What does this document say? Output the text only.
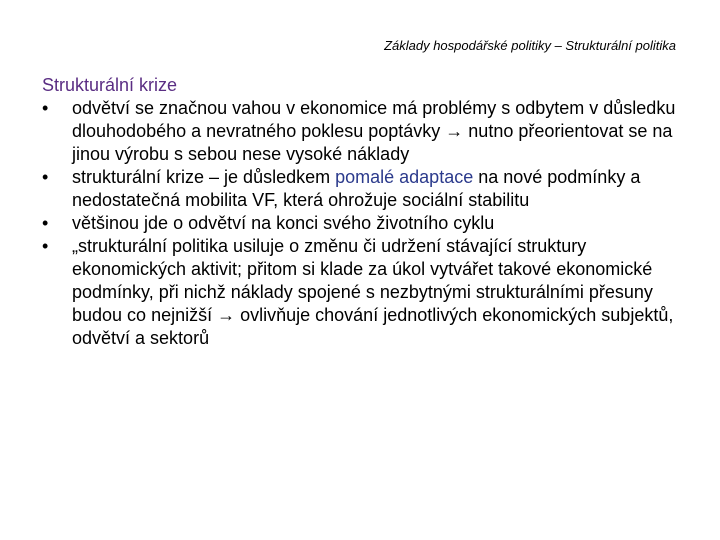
Základy hospodářské politiky – Strukturální politika
Strukturální krize
•	odvětví se značnou vahou v ekonomice má problémy s odbytem v důsledku dlouhodobého a nevratného poklesu poptávky → nutno přeorientovat se na jinou výrobu s sebou nese vysoké náklady
•	strukturální krize – je důsledkem pomalé adaptace na nové podmínky a nedostatečná mobilita VF, která ohrožuje sociální stabilitu
•	většinou jde o odvětví na konci svého životního cyklu
•	„strukturální politika usiluje o změnu či udržení stávající struktury ekonomických aktivit; přitom si klade za úkol vytvářet takové ekonomické podmínky, při nichž náklady spojené s nezbytnými strukturálními přesuny budou co nejnižší → ovlivňuje chování jednotlivých ekonomických subjektů, odvětví a sektorů
